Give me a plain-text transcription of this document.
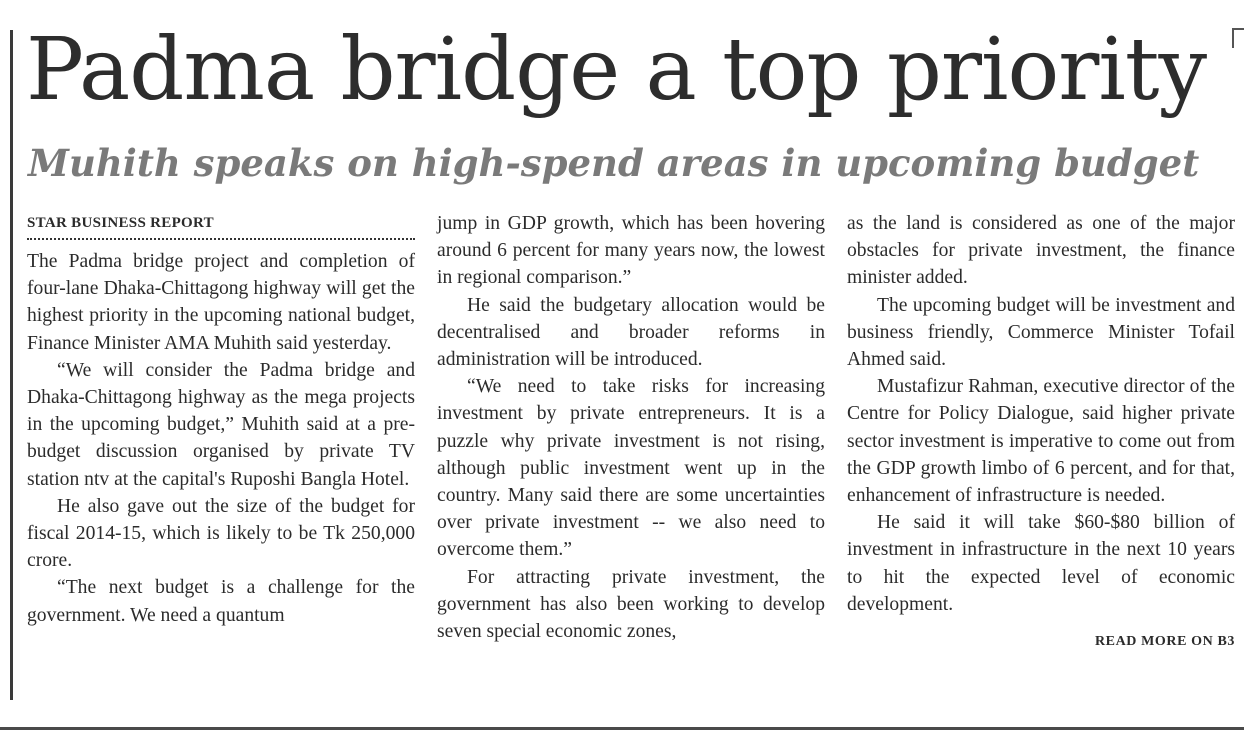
Padma bridge a top priority
Muhith speaks on high-spend areas in upcoming budget
STAR BUSINESS REPORT

The Padma bridge project and completion of four-lane Dhaka-Chittagong highway will get the highest priority in the upcoming national budget, Finance Minister AMA Muhith said yesterday.

“We will consider the Padma bridge and Dhaka-Chittagong highway as the mega projects in the upcoming budget,” Muhith said at a pre-budget discussion organised by private TV station ntv at the capital's Ruposhi Bangla Hotel.

He also gave out the size of the budget for fiscal 2014-15, which is likely to be Tk 250,000 crore.

“The next budget is a challenge for the government. We need a quantum

jump in GDP growth, which has been hovering around 6 percent for many years now, the lowest in regional comparison.”

He said the budgetary allocation would be decentralised and broader reforms in administration will be introduced.

“We need to take risks for increasing investment by private entrepreneurs. It is a puzzle why private investment is not rising, although public investment went up in the country. Many said there are some uncertainties over private investment -- we also need to overcome them.”

For attracting private investment, the government has also been working to develop seven special economic zones,

as the land is considered as one of the major obstacles for private investment, the finance minister added.

The upcoming budget will be investment and business friendly, Commerce Minister Tofail Ahmed said.

Mustafizur Rahman, executive director of the Centre for Policy Dialogue, said higher private sector investment is imperative to come out from the GDP growth limbo of 6 percent, and for that, enhancement of infrastructure is needed.

He said it will take $60-$80 billion of investment in infrastructure in the next 10 years to hit the expected level of economic development.

READ MORE ON B3
